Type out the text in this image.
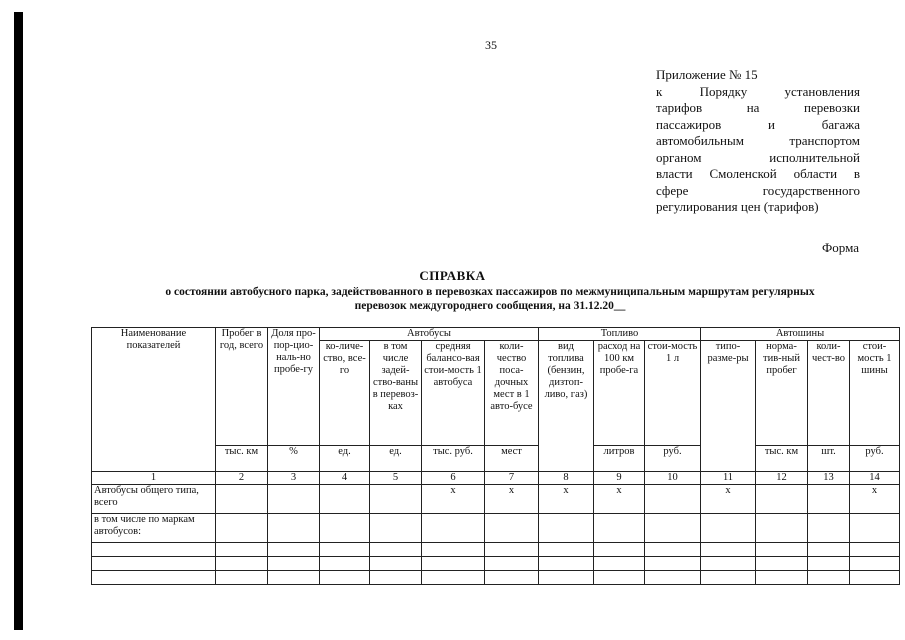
35
Приложение № 15
к Порядку установления
тарифов на перевозки
пассажиров и багажа
автомобильным транспортом
органом исполнительной
власти Смоленской области в
сфере государственного
регулирования цен (тарифов)
Форма
СПРАВКА
о состоянии автобусного парка, задействованного в перевозках пассажиров по межмуниципальным маршрутам регулярных
перевозок междугороднего сообщения, на 31.12.20__
Наименование показателей	Пробег в год, всего	Доля про-пор-цио-наль-но пробе-гу	Автобусы				Топливо			Автошины			
			ко-личе-ство, все-го	в том числе задей-ство-ваны в перевоз-ках	средняя балансо-вая стои-мость 1 автобуса	коли-чество поса-дочных мест в 1 авто-бусе	вид топлива (бензин, дизтоп-ливо, газ)	расход на 100 км пробе-га	стои-мость 1 л	типо-разме-ры	норма-тив-ный пробег	коли-чест-во	стои-мость 1 шины
	тыс. км	%	ед.	ед.	тыс. руб.	мест		литров	руб.		тыс. км	шт.	руб.
1	2	3	4	5	6	7	8	9	10	11	12	13	14
Автобусы общего типа, всего					х	х	х	х		х			х
в том числе по маркам автобусов:													
